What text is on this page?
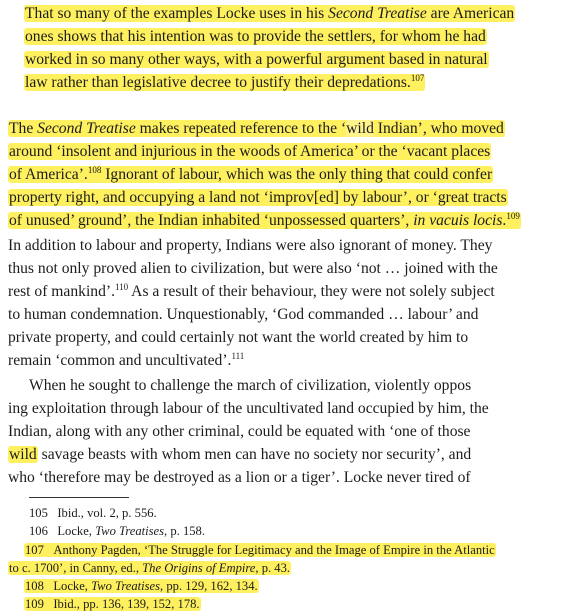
That so many of the examples Locke uses in his Second Treatise are American
ones shows that his intention was to provide the settlers, for whom he had
worked in so many other ways, with a powerful argument based in natural
law rather than legislative decree to justify their depredations.$^{107}$
The Second Treatise makes repeated reference to the ‘wild Indian’, who moved
around ‘insolent and injurious in the woods of America’ or the ‘vacant places
of America’.$^{108}$ Ignorant of labour, which was the only thing that could confer
property right, and occupying a land not ‘improv[ed] by labour’, or ‘great tracts
of unused’ ground’, the Indian inhabited ‘unpossessed quarters’, in vacuis locis.$^{109}$
In addition to labour and property, Indians were also ignorant of money. They
thus not only proved alien to civilization, but were also ‘not … joined with the
rest of mankind’.$^{110}$ As a result of their behaviour, they were not solely subject
to human condemnation. Unquestionably, ‘God commanded … labour’ and
private property, and could certainly not want the world created by him to
remain ‘common and uncultivated’.$^{111}$
When he sought to challenge the march of civilization, violently oppos
ing exploitation through labour of the uncultivated land occupied by him, the
Indian, along with any other criminal, could be equated with ‘one of those
wild savage beasts with whom men can have no society nor security’, and
who ‘therefore may be destroyed as a lion or a tiger’. Locke never tired of
105 Ibid., vol. 2, p. 556.
106 Locke, Two Treatises, p. 158.
107 Anthony Pagden, ‘The Struggle for Legitimacy and the Image of Empire in the Atlantic
to c. 1700’, in Canny, ed., The Origins of Empire, p. 43.
108 Locke, Two Treatises, pp. 129, 162, 134.
109 Ibid., pp. 136, 139, 152, 178.
